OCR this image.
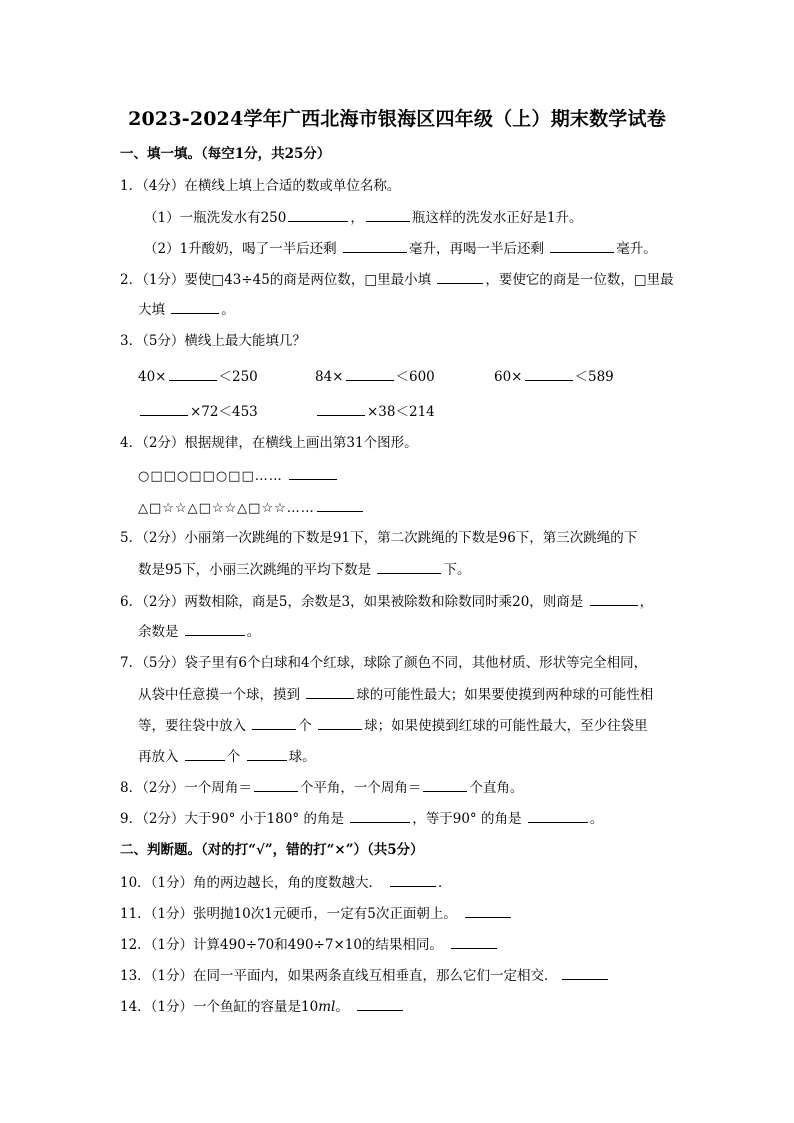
2023-2024学年广西北海市银海区四年级（上）期末数学试卷
一、填一填。（每空1分，共25分）
1．（4分）在横线上填上合适的数或单位名称。
（1）一瓶洗发水有250	，	瓶这样的洗发水正好是1升。
（2）1升酸奶，喝了一半后还剩	毫升，再喝一半后还剩	毫升。
2．（1分）要使□43÷45的商是两位数，□里最小填	，要使它的商是一位数，□里最
大填	。
3．（5分）横线上最大能填几？
40×	＜250	84×	＜600	60×	＜589
×72＜453	×38＜214
4．（2分）根据规律，在横线上画出第31个图形。
○□□○□□○□□……
△□☆☆△□☆☆△□☆☆……
5．（2分）小丽第一次跳绳的下数是91下，第二次跳绳的下数是96下，第三次跳绳的下
数是95下，小丽三次跳绳的平均下数是	下。
6．（2分）两数相除，商是5，余数是3，如果被除数和除数同时乘20，则商是	，
余数是	。
7．（5分）袋子里有6个白球和4个红球，球除了颜色不同，其他材质、形状等完全相同，
从袋中任意摸一个球，摸到	球的可能性最大；如果要使摸到两种球的可能性相
等，要往袋中放入	个	球；如果使摸到红球的可能性最大，至少往袋里
再放入	个	球。
8．（2分）一个周角＝	个平角，一个周角＝	个直角。
9．（2分）大于90° 小于180° 的角是	，等于90° 的角是	。
二、判断题。（对的打“√”，错的打“×”）（共5分）
10．（1分）角的两边越长，角的度数越大．	．
11．（1分）张明抛10次1元硬币，一定有5次正面朝上。
12．（1分）计算490÷70和490÷7×10的结果相同。
13．（1分）在同一平面内，如果两条直线互相垂直，那么它们一定相交．
14．（1分）一个鱼缸的容量是10ml。
